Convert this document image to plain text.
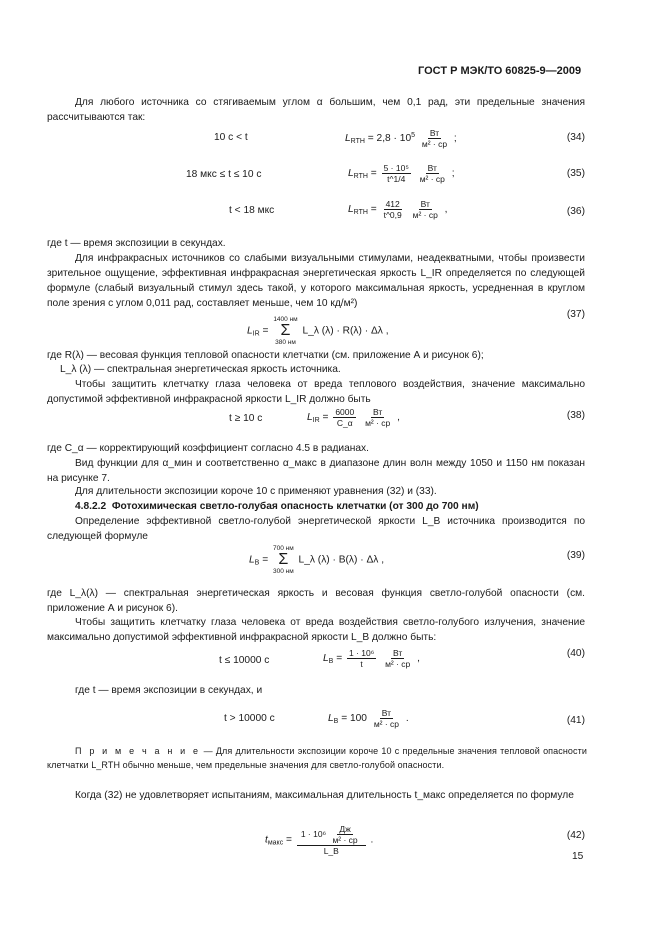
ГОСТ Р МЭК/ТО 60825-9—2009
Для любого источника со стягиваемым углом α большим, чем 0,1 рад, эти предельные значения рассчитываются так:
10 с < t	$L_{RTH} = 2,8 \cdot 10^5 \frac{Вт}{\text{м² · ср}}$ ;	(34)
18 мкс ≤ t ≤ 10 с	$L_{RTH} = \frac{\text{5 · 10⁵}}{t\^{}1/4}$
$\frac{Вт}{\text{м² · ср}}$ ;	(35)
t < 18 мкс	$L_{RTH} = \frac{412}{t\^{}0,9}$
$\frac{Вт}{\text{м² · ср}}$ ,	(36)
где t — время экспозиции в секундах.
Для инфракрасных источников со слабыми визуальными стимулами, неадекватными, чтобы произвести зрительное ощущение, эффективная инфракрасная энергетическая яркость L_IR определяется по следующей формуле (слабый визуальный стимул здесь такой, у которого максимальная яркость, усредненная в круглом поле зрения с углом 0,011 рад, составляет меньше, чем 10 кд/м²)
$L_{IR}$ =
1400 нм
Σ
380 нм
L_λ (λ) · R(λ) · Δλ ,
(37)
где R(λ) — весовая функция тепловой опасности клетчатки (см. приложение А и рисунок 6);
L_λ (λ) — спектральная энергетическая яркость источника.
Чтобы защитить клетчатку глаза человека от вреда теплового воздействия, значение максимально допустимой эффективной инфракрасной яркости L_IR должно быть
t ≥ 10 с	$L_{IR} = \frac{6000}{C\_\alpha}$
$\frac{Вт}{\text{м² · ср}}$ ,	(38)
где C_α — корректирующий коэффициент согласно 4.5 в радианах.
Вид функции для α_мин и соответственно α_макс в диапазоне длин волн между 1050 и 1150 нм показан на рисунке 7.
Для длительности экспозиции короче 10 с применяют уравнения (32) и (33).
4.8.2.2 Фотохимическая светло-голубая опасность клетчатки (от 300 до 700 нм)
Определение эффективной светло-голубой энергетической яркости L_B источника производится по следующей формуле
$L_B$ =
700 нм
Σ
300 нм
L_λ (λ) · B(λ) · Δλ ,	(39)
где L_λ(λ) — спектральная энергетическая яркость и весовая функция светло-голубой опасности (см. приложение А и рисунок 6).
Чтобы защитить клетчатку глаза человека от вреда воздействия светло-голубого излучения, значение максимально допустимой эффективной инфракрасной яркости L_B должно быть:
t ≤ 10000 с	$L_B = \frac{\text{1 · 10⁶}}{t}$
$\frac{Вт}{\text{м² · ср}}$ ,	(40)
где t — время экспозиции в секундах, и
t > 10000 с	$L_B = 100 \frac{Вт}{\text{м² · ср}}$ .	(41)
П р и м е ч а н и е — Для длительности экспозиции короче 10 с предельные значения тепловой опасности клетчатки L_RTH обычно меньше, чем предельные значения для светло-голубой опасности.
Когда (32) не удовлетворяет испытаниям, максимальная длительность t_макс определяется по формуле
$t_{макс} = \frac{1 \cdot 10^6 \frac{Дж}{\text{м² · ср}}}{L\_B}$ .	(42)
15
